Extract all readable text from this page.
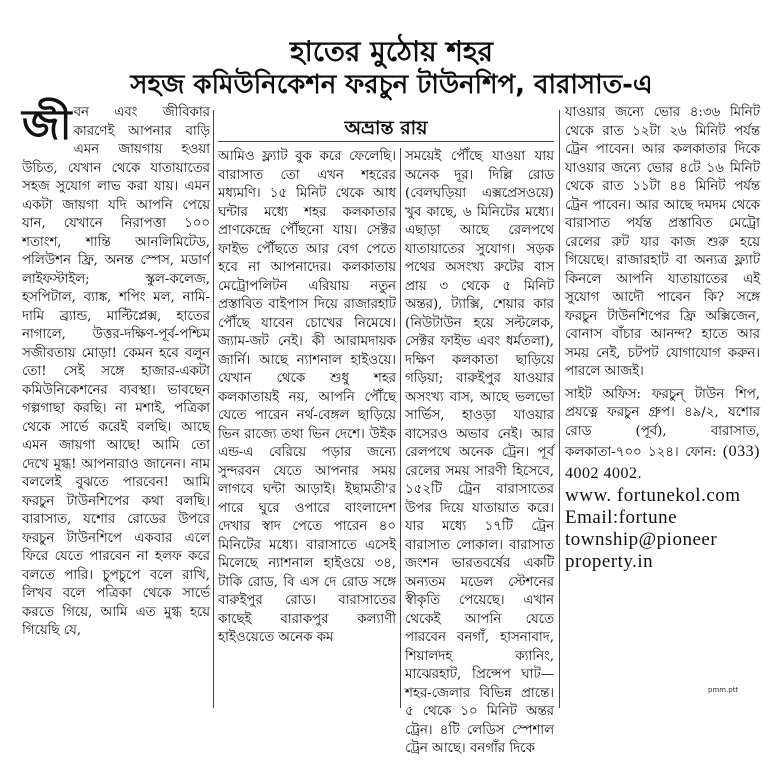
হাতের মুঠোয় শহর
সহজ কমিউনিকেশন ফরচুন টাউনশিপ, বারাসাত-এ
অভ্রান্ত রায়

জীবন এবং জীবিকার কারণেই আপনার বাড়ি এমন জায়গায় হওয়া উচিত, যেখান থেকে যাতায়াতের সহজ সুযোগ লাভ করা যায়। এমন একটা জায়গা যদি আপনি পেয়ে যান, যেখানে নিরাপত্তা ১০০ শতাংশ, শান্তি আনলিমিটেড, পলিউশন ফ্রি, অনন্ত স্পেস, মডার্ণ লাইফস্টাইল; স্কুল-কলেজ, হসপিটাল, ব্যাঙ্ক, শপিং মল, নামি-দামি ব্র্যান্ড, মাল্টিপ্লেক্স, হাতের নাগালে, উত্তর-দক্ষিণ-পূর্ব-পশ্চিম সজীবতায় মোড়া! কেমন হবে বলুন তো! সেই সঙ্গে হাজার-একটা কমিউনিকেশনের ব্যবস্থা। ভাবছেন গল্পগাছা করছি। না মশাই, পত্রিকা থেকে সার্ভে করেই বলছি। আছে এমন জায়গা আছে! আমি তো দেখে মুগ্ধ! আপনারাও জানেন। নাম বললেই বুঝতে পারবেন! আমি ফরচুন টাউনশিপের কথা বলছি। বারাসাত, যশোর রোডের উপরে ফরচুন টাউনশিপে একবার এলে ফিরে যেতে পারবেন না হলফ করে বলতে পারি। চুপচুপে বলে রাখি, লিখব বলে পত্রিকা থেকে সার্ভে করতে গিয়ে, আমি এত মুগ্ধ হয়ে গিয়েছি যে,

আমিও ফ্ল্যাট বুক করে ফেলেছি। বারাসাত তো এখন শহরের মধ্যমণি। ১৫ মিনিট থেকে আধ ঘন্টার মধ্যে শহর কলকাতার প্রাণকেন্দ্রে পৌঁছনো যায়। সেক্টর ফাইভ পৌঁছতে আর বেগ পেতে হবে না আপনাদের। কলকাতায় মেট্রোপলিটন এরিয়ায় নতুন প্রস্তাবিত বাইপাস দিয়ে রাজারহাট পৌঁছে যাবেন চোখের নিমেষে। জ্যাম-জট নেই। কী আরামদায়ক জার্নি। আছে ন্যাশনাল হাইওয়ে। যেখান থেকে শুধু শহর কলকাতায়ই নয়, আপনি পৌঁছে যেতে পারেন নর্থ-বেঙ্গল ছাড়িয়ে ভিন রাজ্যে তথা ভিন দেশে। উইক এন্ড-এ বেরিয়ে পড়ার জন্যে সুন্দরবন যেতে আপনার সময় লাগবে ঘন্টা আড়াই। ইছামতী'র পারে ঘুরে ওপারে বাংলাদেশ দেখার স্বাদ পেতে পারেন ৪০ মিনিটের মধ্যে। বারাসাতে এসেই মিলেছে ন্যাশনাল হাইওয়ে ৩৪, টাকি রোড, বি এস দে রোড সঙ্গে বারুইপুর রোড। বারাসাতের কাছেই বারাকপুর কল্যাণী হাইওয়েতে অনেক কম

সময়েই পৌঁছে যাওয়া যায় অনেক দূর। দিল্লি রোড (বেলঘড়িয়া এক্সপ্রেসওয়ে) খুব কাছে, ৬ মিনিটের মধ্যে। এছাড়া আছে রেলপথে যাতায়াতের সুযোগ। সড়ক পথের অসংখ্য রুটের বাস প্রায় ৩ থেকে ৫ মিনিট অন্তর), ট্যাক্সি, শেয়ার কার (নিউটাউন হয়ে সল্টলেক, সেক্টর ফাইভ এবং ধর্মতলা), দক্ষিণ কলকাতা ছাড়িয়ে গড়িয়া; বারুইপুর যাওয়ার অসংখ্য বাস, আছে ভলভো সার্ভিস, হাওড়া যাওয়ার বাসেরও অভাব নেই। আর রেলপথে অনেক ট্রেন। পূর্ব রেলের সময় সারণী হিসেবে, ১৫২টি ট্রেন বারাসাতের উপর দিয়ে যাতায়াত করে। যার মধ্যে ১৭টি ট্রেন বারাসাত লোকাল। বারাসাত জংশন ভারতবর্ষের একটি অন্যতম মডেল স্টেশনের স্বীকৃতি পেয়েছে। এখান থেকেই আপনি যেতে পারবেন বনগাঁ, হাসনাবাদ, শিয়ালদহ ক্যানিং, মাঝেরহাট, প্রিন্সেপ ঘাট— শহর-জেলার বিভিন্ন প্রান্তে। ৫ থেকে ১০ মিনিট অন্তর ট্রেন। ৪টি লেডিস স্পেশাল ট্রেন আছে। বনগাঁর দিকে

যাওয়ার জন্যে ভোর ৪:৩৬ মিনিট থেকে রাত ১২টা ২৬ মিনিট পর্যন্ত ট্রেন পাবেন। আর কলকাতার দিকে যাওয়ার জন্যে ভোর ৪টে ১৬ মিনিট থেকে রাত ১১টা ৪৪ মিনিট পর্যন্ত ট্রেন পাবেন। আর আছে দমদম থেকে বারাসাত পর্যন্ত প্রস্তাবিত মেট্রো রেলের রুট যার কাজ শুরু হয়ে গিয়েছে। রাজারহাট বা অন্যত্র ফ্ল্যাট কিনলে আপনি যাতায়াতের এই সুযোগ আদৌ পাবেন কি? সঙ্গে ফরচুন টাউনশিপের ফ্রি অক্সিজেন, বোনাস বাঁচার আনন্দ? হাতে আর সময় নেই, চটপট যোগাযোগ করুন। পারলে আজই।

সাইট অফিস: ফরচুন্‌ টাউন শিপ, প্রযত্নে ফরচুন গ্রুপ। ৪৯/২, যশোর রোড (পূর্ব), বারাসাত, কলকাতা-৭০০ ১২৪। ফোন: (033) 4002 4002.

www. fortunekol.com

Email:fortune township@pioneer property.in

pmm.ptt
